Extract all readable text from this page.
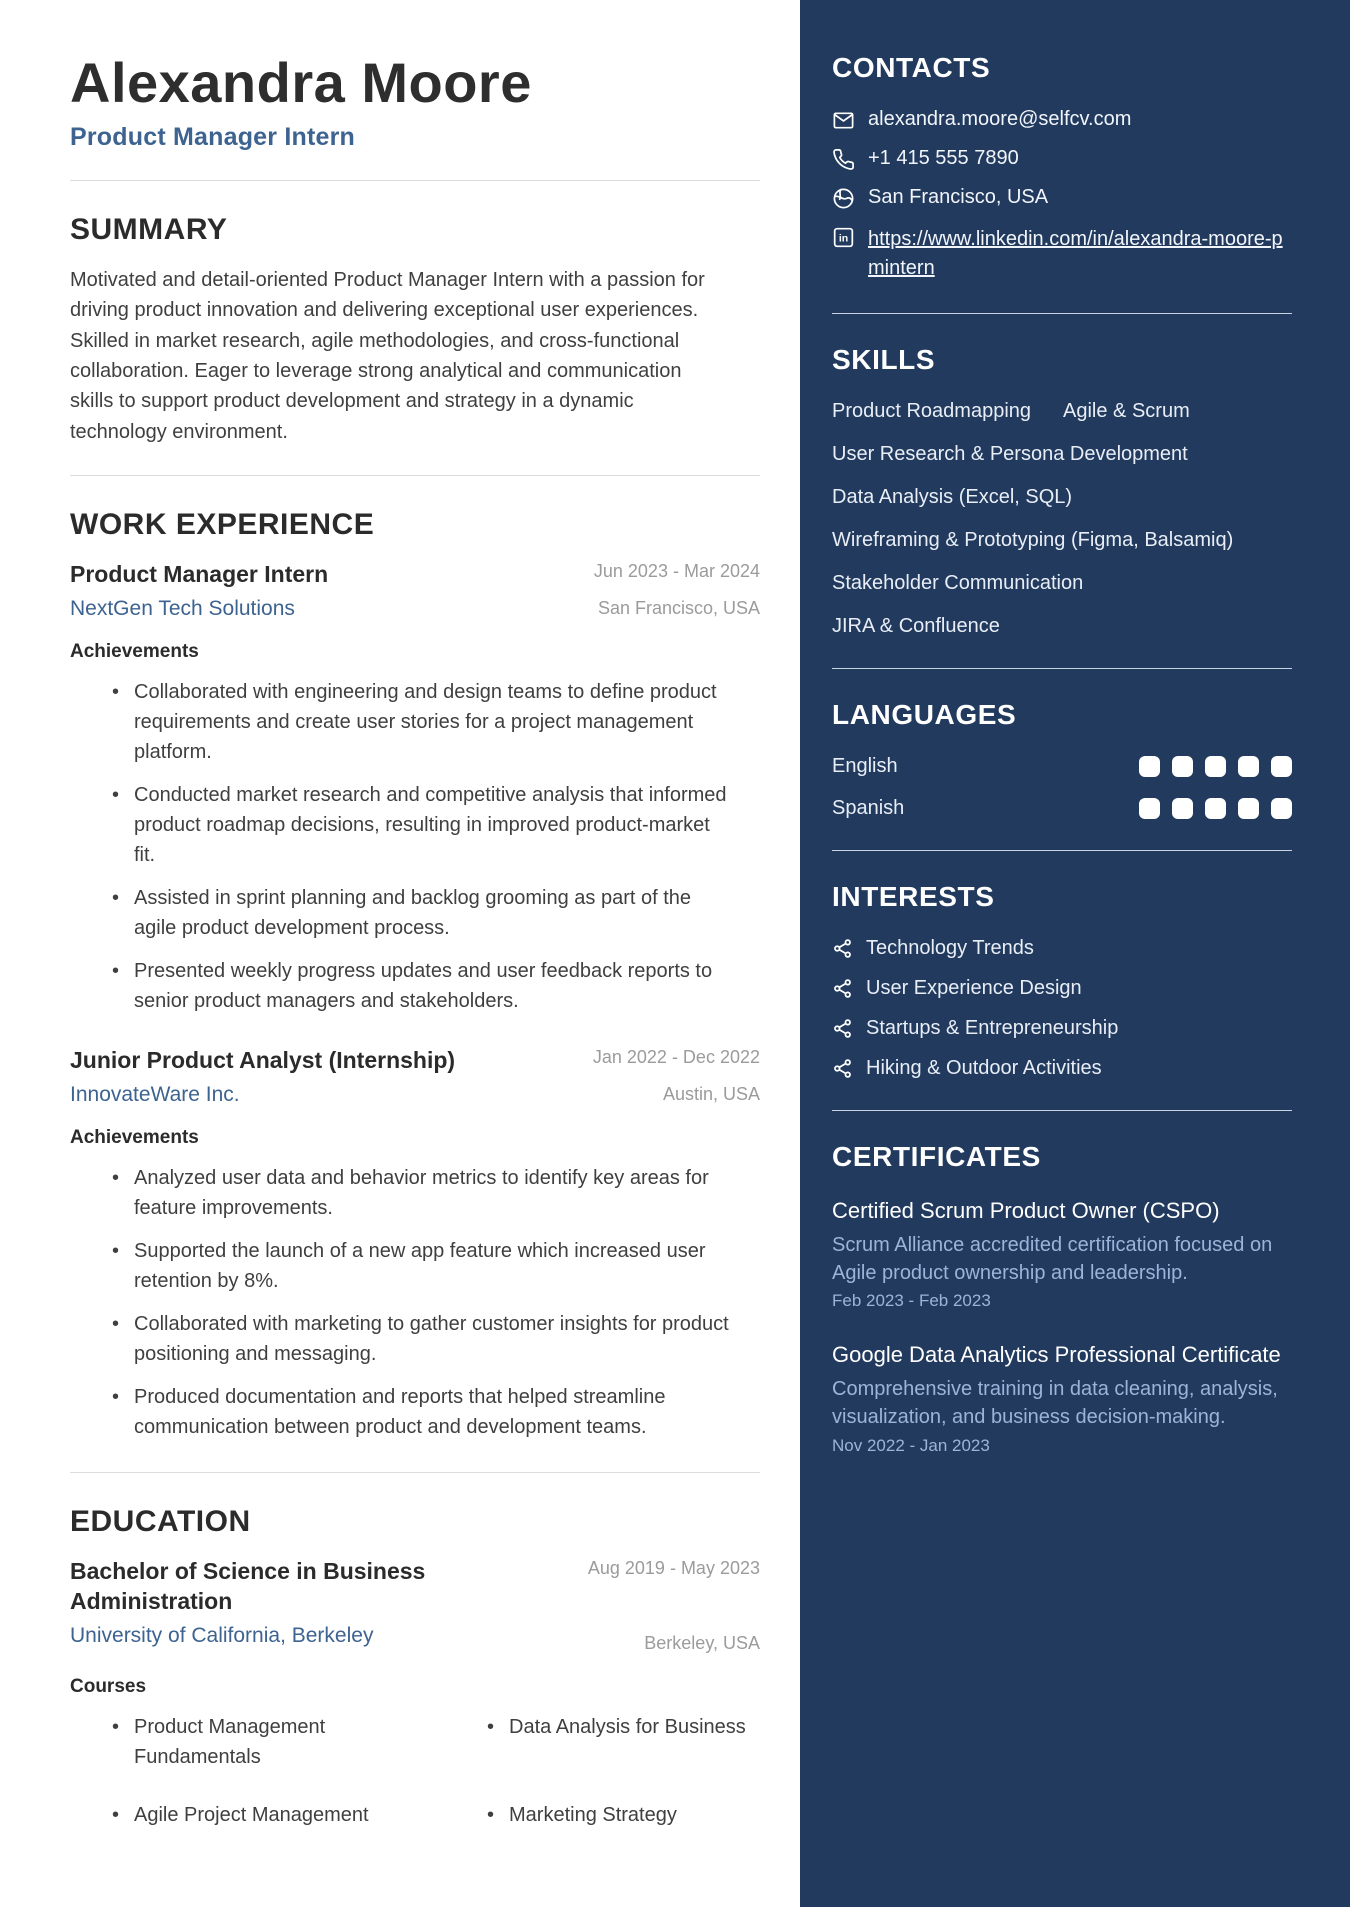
Alexandra Moore
Product Manager Intern
SUMMARY

Motivated and detail-oriented Product Manager Intern with a passion for driving product innovation and delivering exceptional user experiences. Skilled in market research, agile methodologies, and cross-functional collaboration. Eager to leverage strong analytical and communication skills to support product development and strategy in a dynamic technology environment.

WORK EXPERIENCE
Product Manager Intern
NextGen Tech Solutions
Jun 2023 - Mar 2024
San Francisco, USA
Achievements
• Collaborated with engineering and design teams to define product requirements and create user stories for a project management platform.
• Conducted market research and competitive analysis that informed product roadmap decisions, resulting in improved product-market fit.
• Assisted in sprint planning and backlog grooming as part of the agile product development process.
• Presented weekly progress updates and user feedback reports to senior product managers and stakeholders.
Junior Product Analyst (Internship)
InnovateWare Inc.
Jan 2022 - Dec 2022
Austin, USA
Achievements
• Analyzed user data and behavior metrics to identify key areas for feature improvements.
• Supported the launch of a new app feature which increased user retention by 8%.
• Collaborated with marketing to gather customer insights for product positioning and messaging.
• Produced documentation and reports that helped streamline communication between product and development teams.
EDUCATION
Bachelor of Science in Business Administration
University of California, Berkeley
Aug 2019 - May 2023
Berkeley, USA
Courses
• Product Management Fundamentals
• Data Analysis for Business
• Agile Project Management	• Marketing Strategy
CONTACTS
alexandra.moore@selfcv.com
+1 415 555 7890
San Francisco, USA
in https://www.linkedin.com/in/alexandra-moore-pmintern
SKILLS
Product Roadmapping Agile & Scrum
User Research & Persona Development
Data Analysis (Excel, SQL)
Wireframing & Prototyping (Figma, Balsamiq)
Stakeholder Communication
JIRA & Confluence
LANGUAGES
English
Spanish
INTERESTS
Technology Trends
User Experience Design
Startups & Entrepreneurship
Hiking & Outdoor Activities
CERTIFICATES
Certified Scrum Product Owner (CSPO)
Scrum Alliance accredited certification focused on Agile product ownership and leadership.
Feb 2023 - Feb 2023
Google Data Analytics Professional Certificate
Comprehensive training in data cleaning, analysis, visualization, and business decision-making.
Nov 2022 - Jan 2023
